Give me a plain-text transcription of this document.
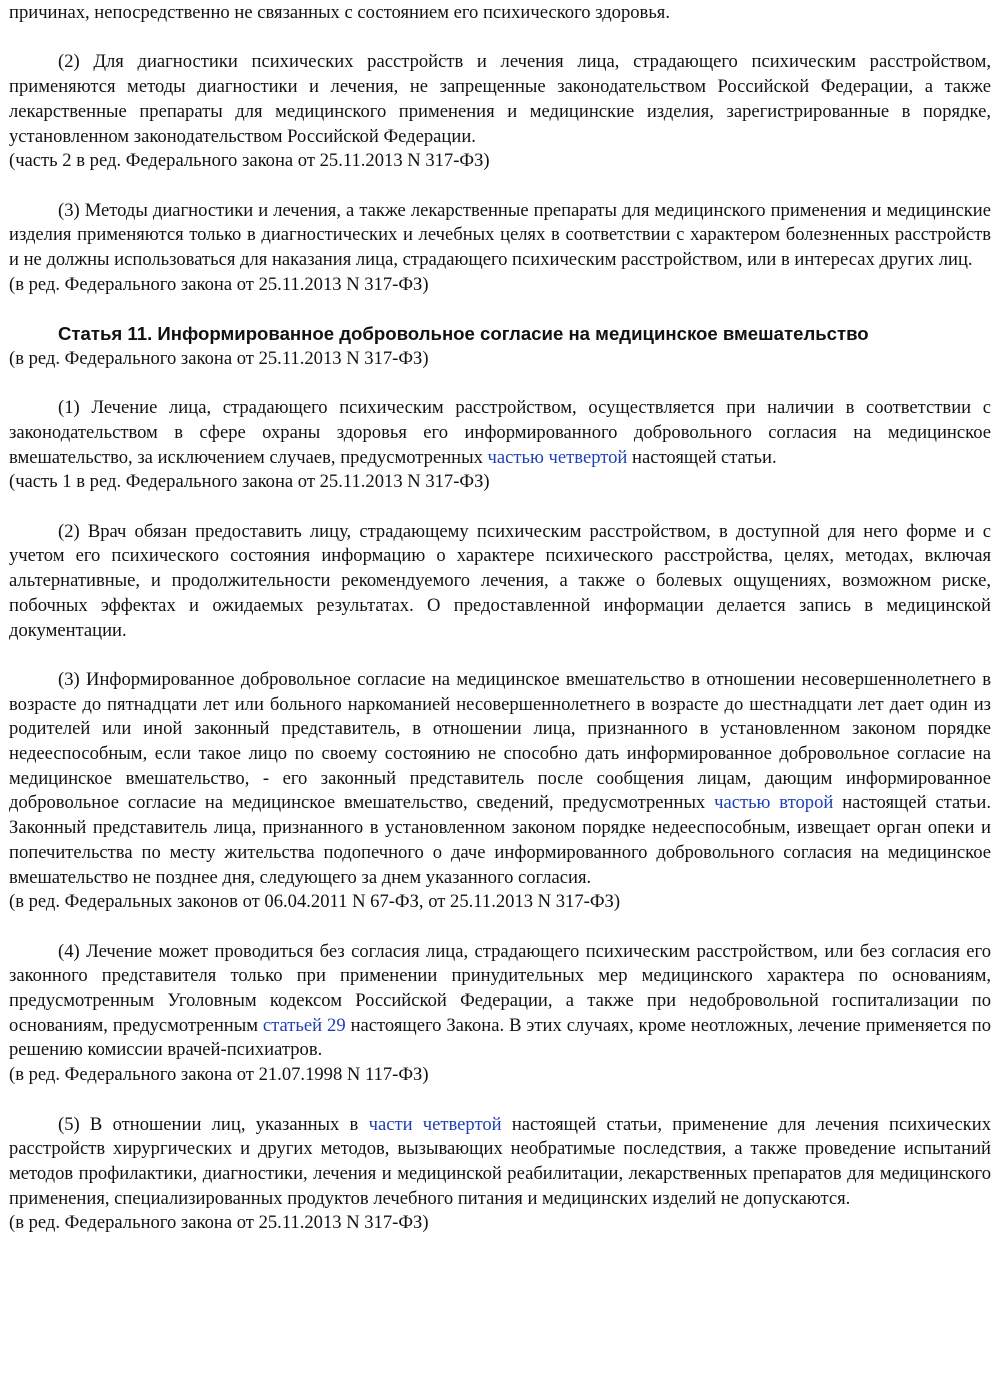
причинах, непосредственно не связанных с состоянием его психического здоровья.

(2) Для диагностики психических расстройств и лечения лица, страдающего психическим расстройством, применяются методы диагностики и лечения, не запрещенные законодательством Российской Федерации, а также лекарственные препараты для медицинского применения и медицинские изделия, зарегистрированные в порядке, установленном законодательством Российской Федерации.

(часть 2 в ред. Федерального закона от 25.11.2013 N 317-ФЗ)

(3) Методы диагностики и лечения, а также лекарственные препараты для медицинского применения и медицинские изделия применяются только в диагностических и лечебных целях в соответствии с характером болезненных расстройств и не должны использоваться для наказания лица, страдающего психическим расстройством, или в интересах других лиц.

(в ред. Федерального закона от 25.11.2013 N 317-ФЗ)

Статья 11. Информированное добровольное согласие на медицинское вмешательство

(в ред. Федерального закона от 25.11.2013 N 317-ФЗ)

(1) Лечение лица, страдающего психическим расстройством, осуществляется при наличии в соответствии с законодательством в сфере охраны здоровья его информированного добровольного согласия на медицинское вмешательство, за исключением случаев, предусмотренных частью четвертой настоящей статьи.

(часть 1 в ред. Федерального закона от 25.11.2013 N 317-ФЗ)

(2) Врач обязан предоставить лицу, страдающему психическим расстройством, в доступной для него форме и с учетом его психического состояния информацию о характере психического расстройства, целях, методах, включая альтернативные, и продолжительности рекомендуемого лечения, а также о болевых ощущениях, возможном риске, побочных эффектах и ожидаемых результатах. О предоставленной информации делается запись в медицинской документации.

(3) Информированное добровольное согласие на медицинское вмешательство в отношении несовершеннолетнего в возрасте до пятнадцати лет или больного наркоманией несовершеннолетнего в возрасте до шестнадцати лет дает один из родителей или иной законный представитель, в отношении лица, признанного в установленном законом порядке недееспособным, если такое лицо по своему состоянию не способно дать информированное добровольное согласие на медицинское вмешательство, - его законный представитель после сообщения лицам, дающим информированное добровольное согласие на медицинское вмешательство, сведений, предусмотренных частью второй настоящей статьи. Законный представитель лица, признанного в установленном законом порядке недееспособным, извещает орган опеки и попечительства по месту жительства подопечного о даче информированного добровольного согласия на медицинское вмешательство не позднее дня, следующего за днем указанного согласия.

(в ред. Федеральных законов от 06.04.2011 N 67-ФЗ, от 25.11.2013 N 317-ФЗ)

(4) Лечение может проводиться без согласия лица, страдающего психическим расстройством, или без согласия его законного представителя только при применении принудительных мер медицинского характера по основаниям, предусмотренным Уголовным кодексом Российской Федерации, а также при недобровольной госпитализации по основаниям, предусмотренным статьей 29 настоящего Закона. В этих случаях, кроме неотложных, лечение применяется по решению комиссии врачей-психиатров.

(в ред. Федерального закона от 21.07.1998 N 117-ФЗ)

(5) В отношении лиц, указанных в части четвертой настоящей статьи, применение для лечения психических расстройств хирургических и других методов, вызывающих необратимые последствия, а также проведение испытаний методов профилактики, диагностики, лечения и медицинской реабилитации, лекарственных препаратов для медицинского применения, специализированных продуктов лечебного питания и медицинских изделий не допускаются.

(в ред. Федерального закона от 25.11.2013 N 317-ФЗ)
